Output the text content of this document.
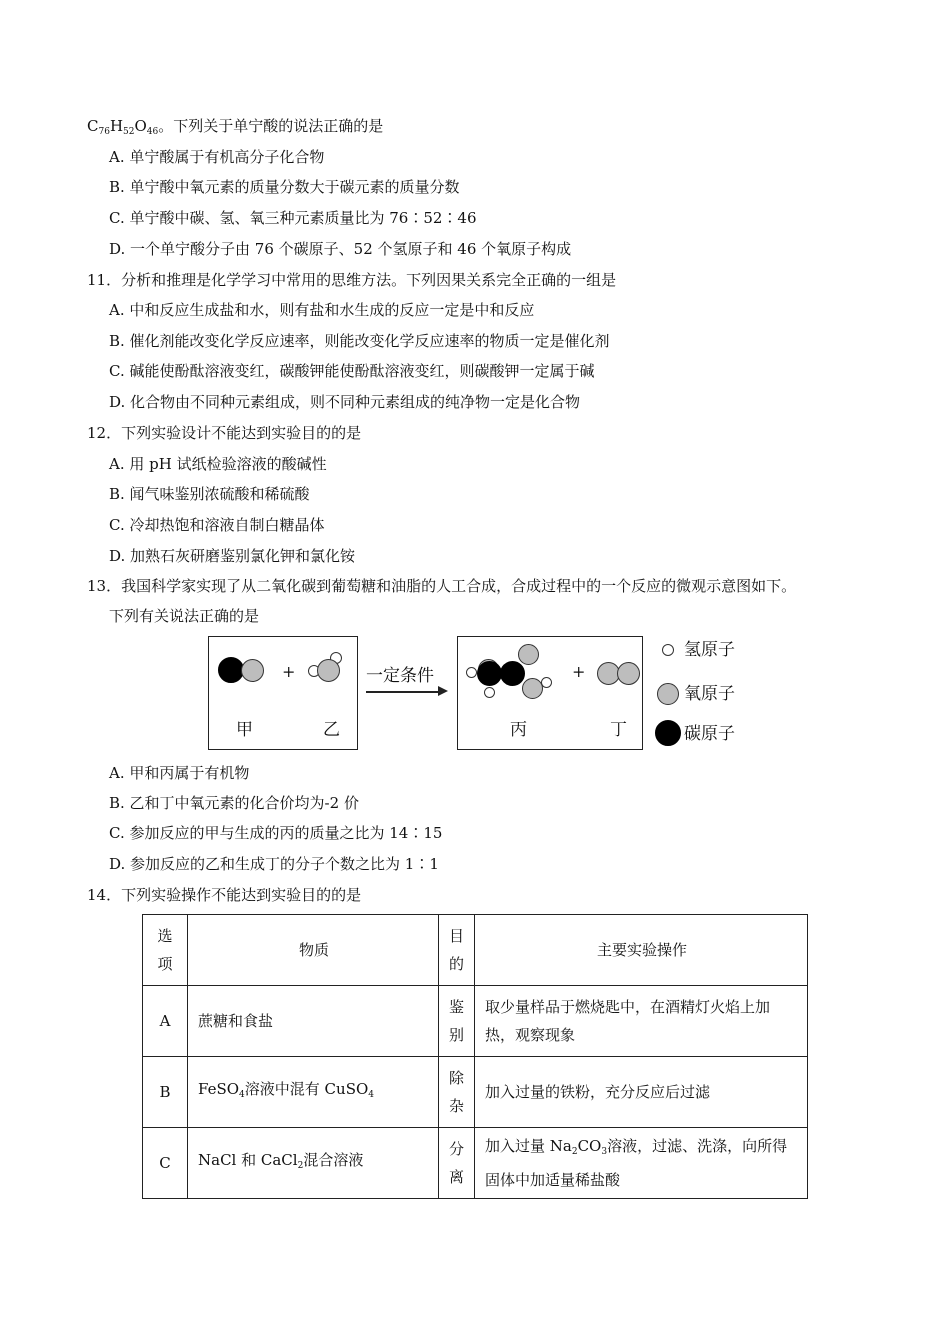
$C_{76}H_{52}O_{46}$。下列关于单宁酸的说法正确的是
A. 单宁酸属于有机高分子化合物
B. 单宁酸中氧元素的质量分数大于碳元素的质量分数
C. 单宁酸中碳、氢、氧三种元素质量比为 76∶52∶46
D. 一个单宁酸分子由 76 个碳原子、52 个氢原子和 46 个氧原子构成
11．分析和推理是化学学习中常用的思维方法。下列因果关系完全正确的一组是
A. 中和反应生成盐和水，则有盐和水生成的反应一定是中和反应
B. 催化剂能改变化学反应速率，则能改变化学反应速率的物质一定是催化剂
C. 碱能使酚酞溶液变红，碳酸钾能使酚酞溶液变红，则碳酸钾一定属于碱
D. 化合物由不同种元素组成，则不同种元素组成的纯净物一定是化合物
12．下列实验设计不能达到实验目的的是
A. 用 pH 试纸检验溶液的酸碱性
B. 闻气味鉴别浓硫酸和稀硫酸
C. 冷却热饱和溶液自制白糖晶体
D. 加熟石灰研磨鉴别氯化钾和氯化铵
13．我国科学家实现了从二氧化碳到葡萄糖和油脂的人工合成，合成过程中的一个反应的微观示意图如下。
下列有关说法正确的是
+
甲	乙
一定条件	+
丙	丁
氢原子
氧原子
碳原子
A. 甲和丙属于有机物
B. 乙和丁中氧元素的化合价均为-2 价
C. 参加反应的甲与生成的丙的质量之比为 14∶15
D. 参加反应的乙和生成丁的分子个数之比为 1∶1
14．下列实验操作不能达到实验目的的是
选项	物质	目的	主要实验操作
A	蔗糖和食盐	鉴别	取少量样品于燃烧匙中，在酒精灯火焰上加热，观察现象
B	FeSO$_4$溶液中混有 CuSO$_4$	除杂	加入过量的铁粉，充分反应后过滤
C	NaCl 和 CaCl$_2$混合溶液	分离	加入过量 $Na_2CO_3$溶液，过滤、洗涤，向所得固体中加适量稀盐酸
